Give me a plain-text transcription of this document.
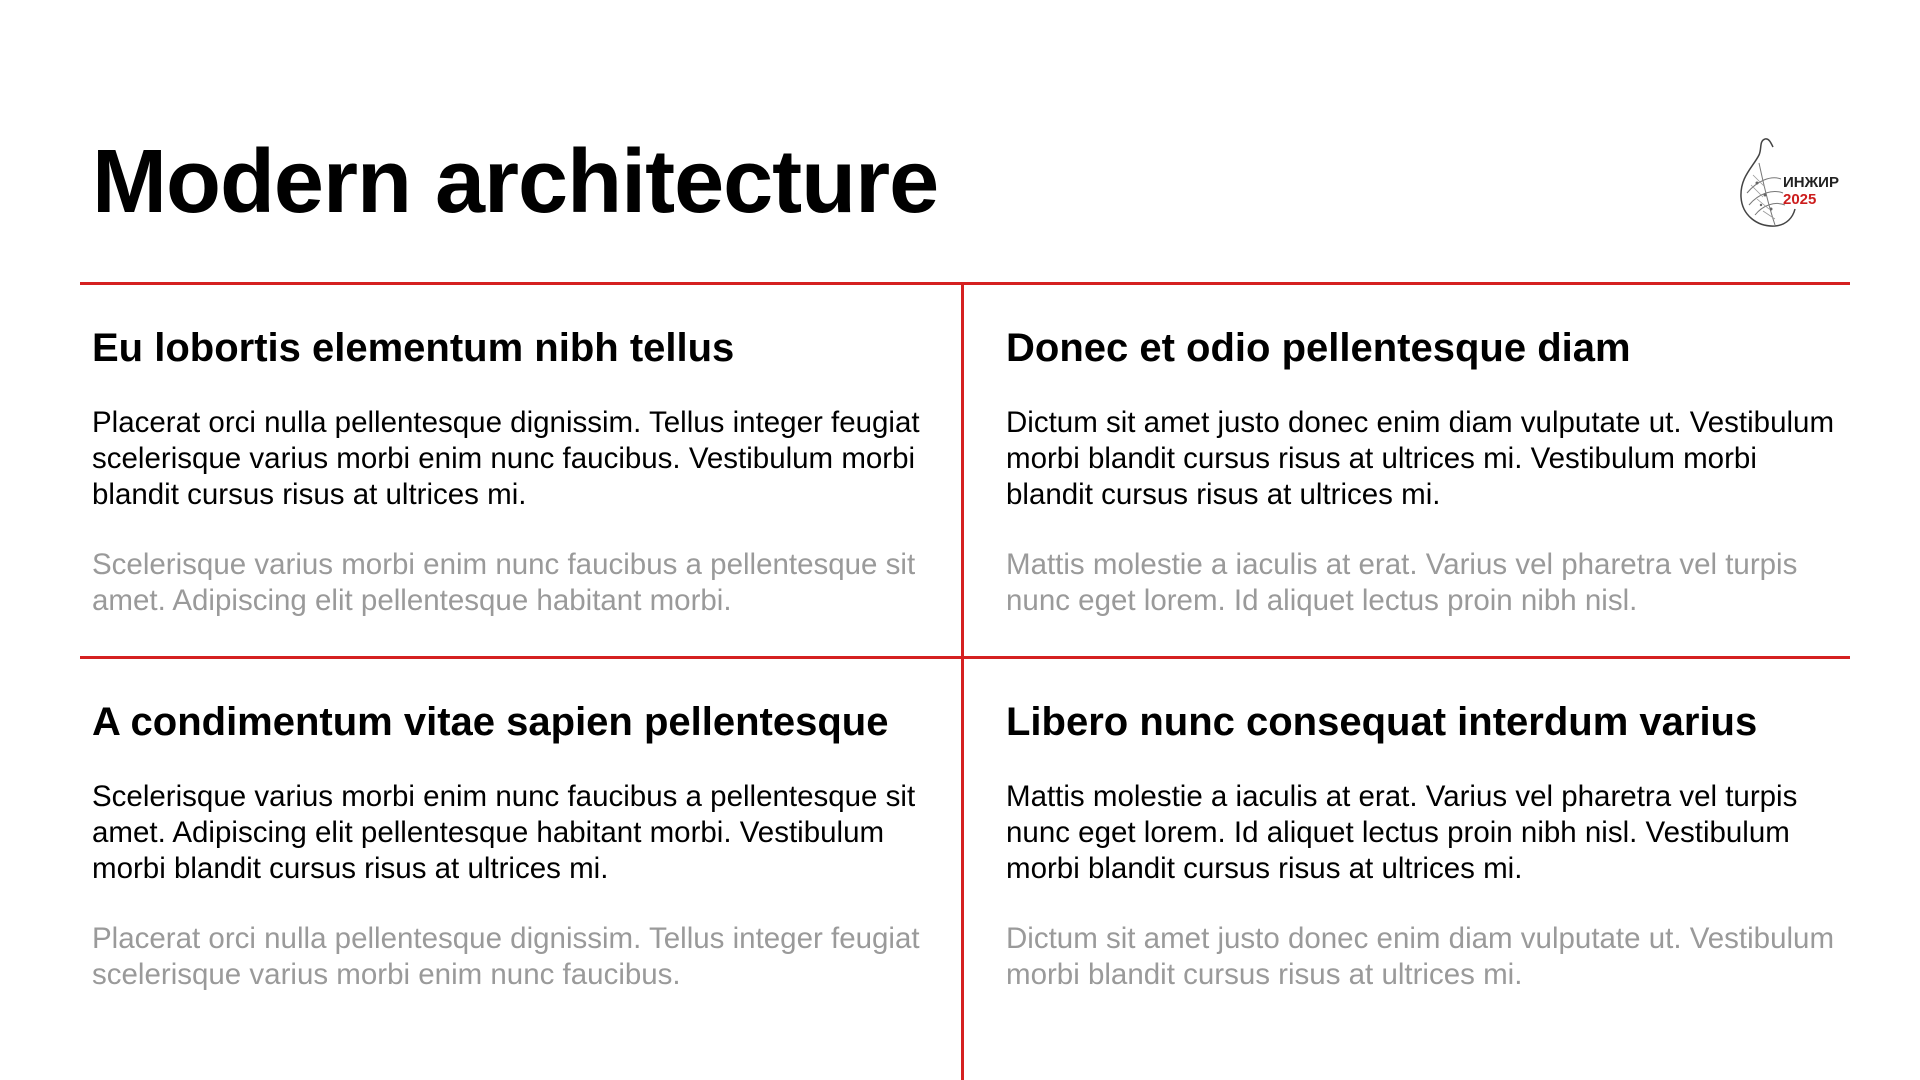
Modern architecture	ИНЖИР
2025
Eu lobortis elementum nibh tellus

Placerat orci nulla pellentesque dignissim. Tellus integer feugiat scelerisque varius morbi enim nunc faucibus. Vestibulum morbi blandit cursus risus at ultrices mi.

Scelerisque varius morbi enim nunc faucibus a pellentesque sit amet. Adipiscing elit pellentesque habitant morbi.

Donec et odio pellentesque diam

Dictum sit amet justo donec enim diam vulputate ut. Vestibulum morbi blandit cursus risus at ultrices mi. Vestibulum morbi blandit cursus risus at ultrices mi.

Mattis molestie a iaculis at erat. Varius vel pharetra vel turpis nunc eget lorem. Id aliquet lectus proin nibh nisl.

A condimentum vitae sapien pellentesque

Scelerisque varius morbi enim nunc faucibus a pellentesque sit amet. Adipiscing elit pellentesque habitant morbi. Vestibulum morbi blandit cursus risus at ultrices mi.

Placerat orci nulla pellentesque dignissim. Tellus integer feugiat scelerisque varius morbi enim nunc faucibus.

Libero nunc consequat interdum varius

Mattis molestie a iaculis at erat. Varius vel pharetra vel turpis nunc eget lorem. Id aliquet lectus proin nibh nisl. Vestibulum morbi blandit cursus risus at ultrices mi.

Dictum sit amet justo donec enim diam vulputate ut. Vestibulum morbi blandit cursus risus at ultrices mi.
